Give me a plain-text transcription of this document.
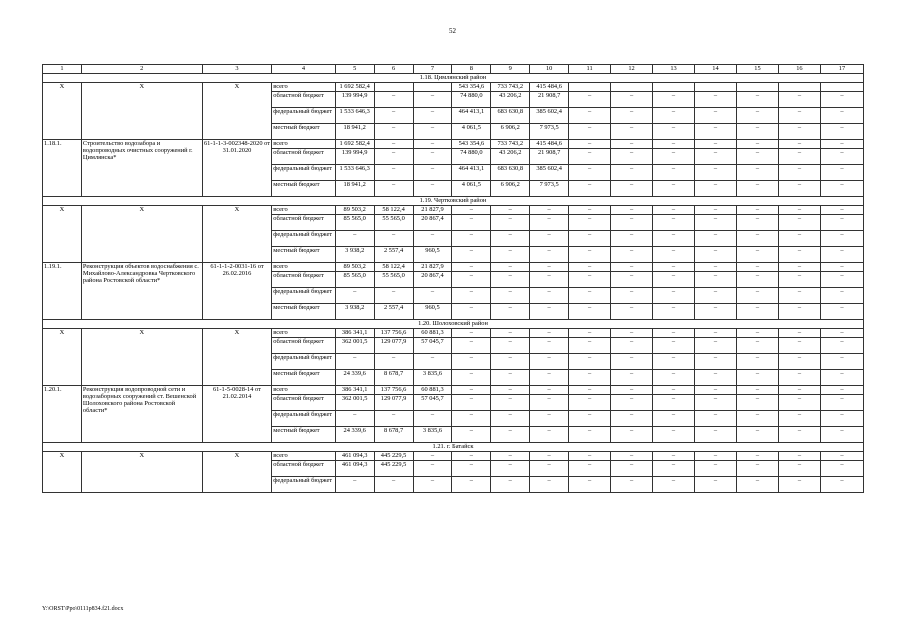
52
1	2	3	4	5	6	7	8	9	10	11	12	13	14	15	16	17
1.18. Цимлянский район																
X	X	X	всего	1 692 582,4			543 354,6	733 743,2	415 484,6							
			областной бюджет	139 994,9	–	–	74 880,0	43 206,2	21 908,7	–	–	–	–	–	–	–
			федеральный бюджет	1 533 646,3	–	–	464 413,1	683 630,8	385 602,4	–	–	–	–	–	–	–
			местный бюджет	18 941,2	–	–	4 061,5	6 906,2	7 973,5	–	–	–	–	–	–	–
1.18.1.	Строительство водозабора и водопроводных очистных сооружений г. Цимлянска*	61-1-1-3-002348-2020 от 31.01.2020	всего	1 692 582,4	–	–	543 354,6	733 743,2	415 484,6	–	–	–	–	–	–	–
			областной бюджет	139 994,9	–	–	74 880,0	43 206,2	21 908,7	–	–	–	–	–	–	–
			федеральный бюджет	1 533 646,3	–	–	464 413,1	683 630,8	385 602,4	–	–	–	–	–	–	–
			местный бюджет	18 941,2	–	–	4 061,5	6 906,2	7 973,5	–	–	–	–	–	–	–
1.19. Чертковский район																
X	X	X	всего	89 503,2	58 122,4	21 827,9	–	–	–	–	–	–	–	–	–	–
			областной бюджет	85 565,0	55 565,0	20 867,4	–	–	–	–	–	–	–	–	–	–
			федеральный бюджет	–	–	–	–	–	–	–	–	–	–	–	–	–
			местный бюджет	3 938,2	2 557,4	960,5	–	–	–	–	–	–	–	–	–	–
1.19.1.	Реконструкция объектов водоснабжения с. Михайлово-Александровка Чертковского района Ростовской области*	61-1-1-2-0031-16 от 26.02.2016	всего	89 503,2	58 122,4	21 827,9	–	–	–	–	–	–	–	–	–	–
			областной бюджет	85 565,0	55 565,0	20 867,4	–	–	–	–	–	–	–	–	–	–
			федеральный бюджет	–	–	–	–	–	–	–	–	–	–	–	–	–
			местный бюджет	3 938,2	2 557,4	960,5	–	–	–	–	–	–	–	–	–	–
1.20. Шолоховский район																
X	X	X	всего	386 341,1	137 756,6	60 881,3	–	–	–	–	–	–	–	–	–	–
			областной бюджет	362 001,5	129 077,9	57 045,7	–	–	–	–	–	–	–	–	–	–
			федеральный бюджет	–	–	–	–	–	–	–	–	–	–	–	–	–
			местный бюджет	24 339,6	8 678,7	3 835,6	–	–	–	–	–	–	–	–	–	–
1.20.1.	Реконструкция водопроводной сети и водозаборных сооружений ст. Вешенской Шолоховского района Ростовской области*	61-1-5-0028-14 от 21.02.2014	всего	386 341,1	137 756,6	60 881,3	–	–	–	–	–	–	–	–	–	–
			областной бюджет	362 001,5	129 077,9	57 045,7	–	–	–	–	–	–	–	–	–	–
			федеральный бюджет	–	–	–	–	–	–	–	–	–	–	–	–	–
			местный бюджет	24 339,6	8 678,7	3 835,6	–	–	–	–	–	–	–	–	–	–
1.21. г. Батайск																
X	X	X	всего	461 094,3	445 229,5	–	–	–	–	–	–	–	–	–	–	–
			областной бюджет	461 094,3	445 229,5	–	–	–	–	–	–	–	–	–	–	–
			федеральный бюджет	–	–	–	–	–	–	–	–	–	–	–	–	–
Y:\ORST\Ppo\0111p834.f21.docx
